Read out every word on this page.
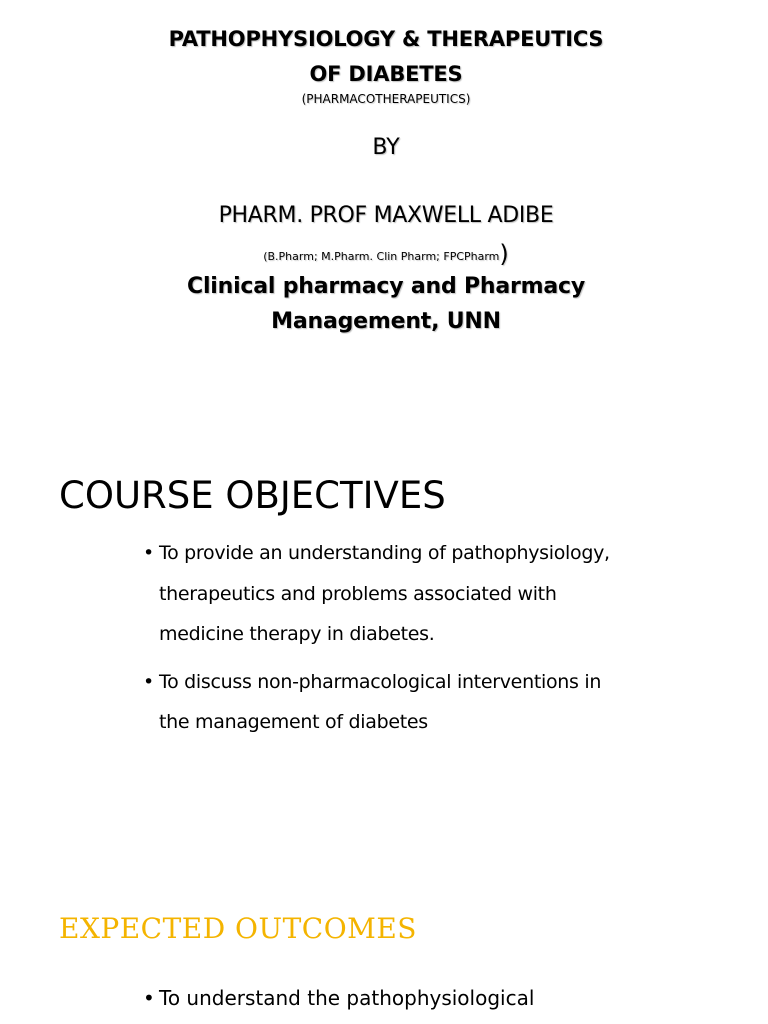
PATHOPHYSIOLOGY & THERAPEUTICS
OF DIABETES
(PHARMACOTHERAPEUTICS)
BY
PHARM. PROF MAXWELL ADIBE
(B.Pharm; M.Pharm. Clin Pharm; FPCPharm)
Clinical pharmacy and Pharmacy
Management, UNN
COURSE OBJECTIVES
• To provide an understanding of pathophysiology, therapeutics and problems associated with medicine therapy in diabetes.
• To discuss non-pharmacological interventions in the management of diabetes
EXPECTED OUTCOMES
• To understand the pathophysiological
